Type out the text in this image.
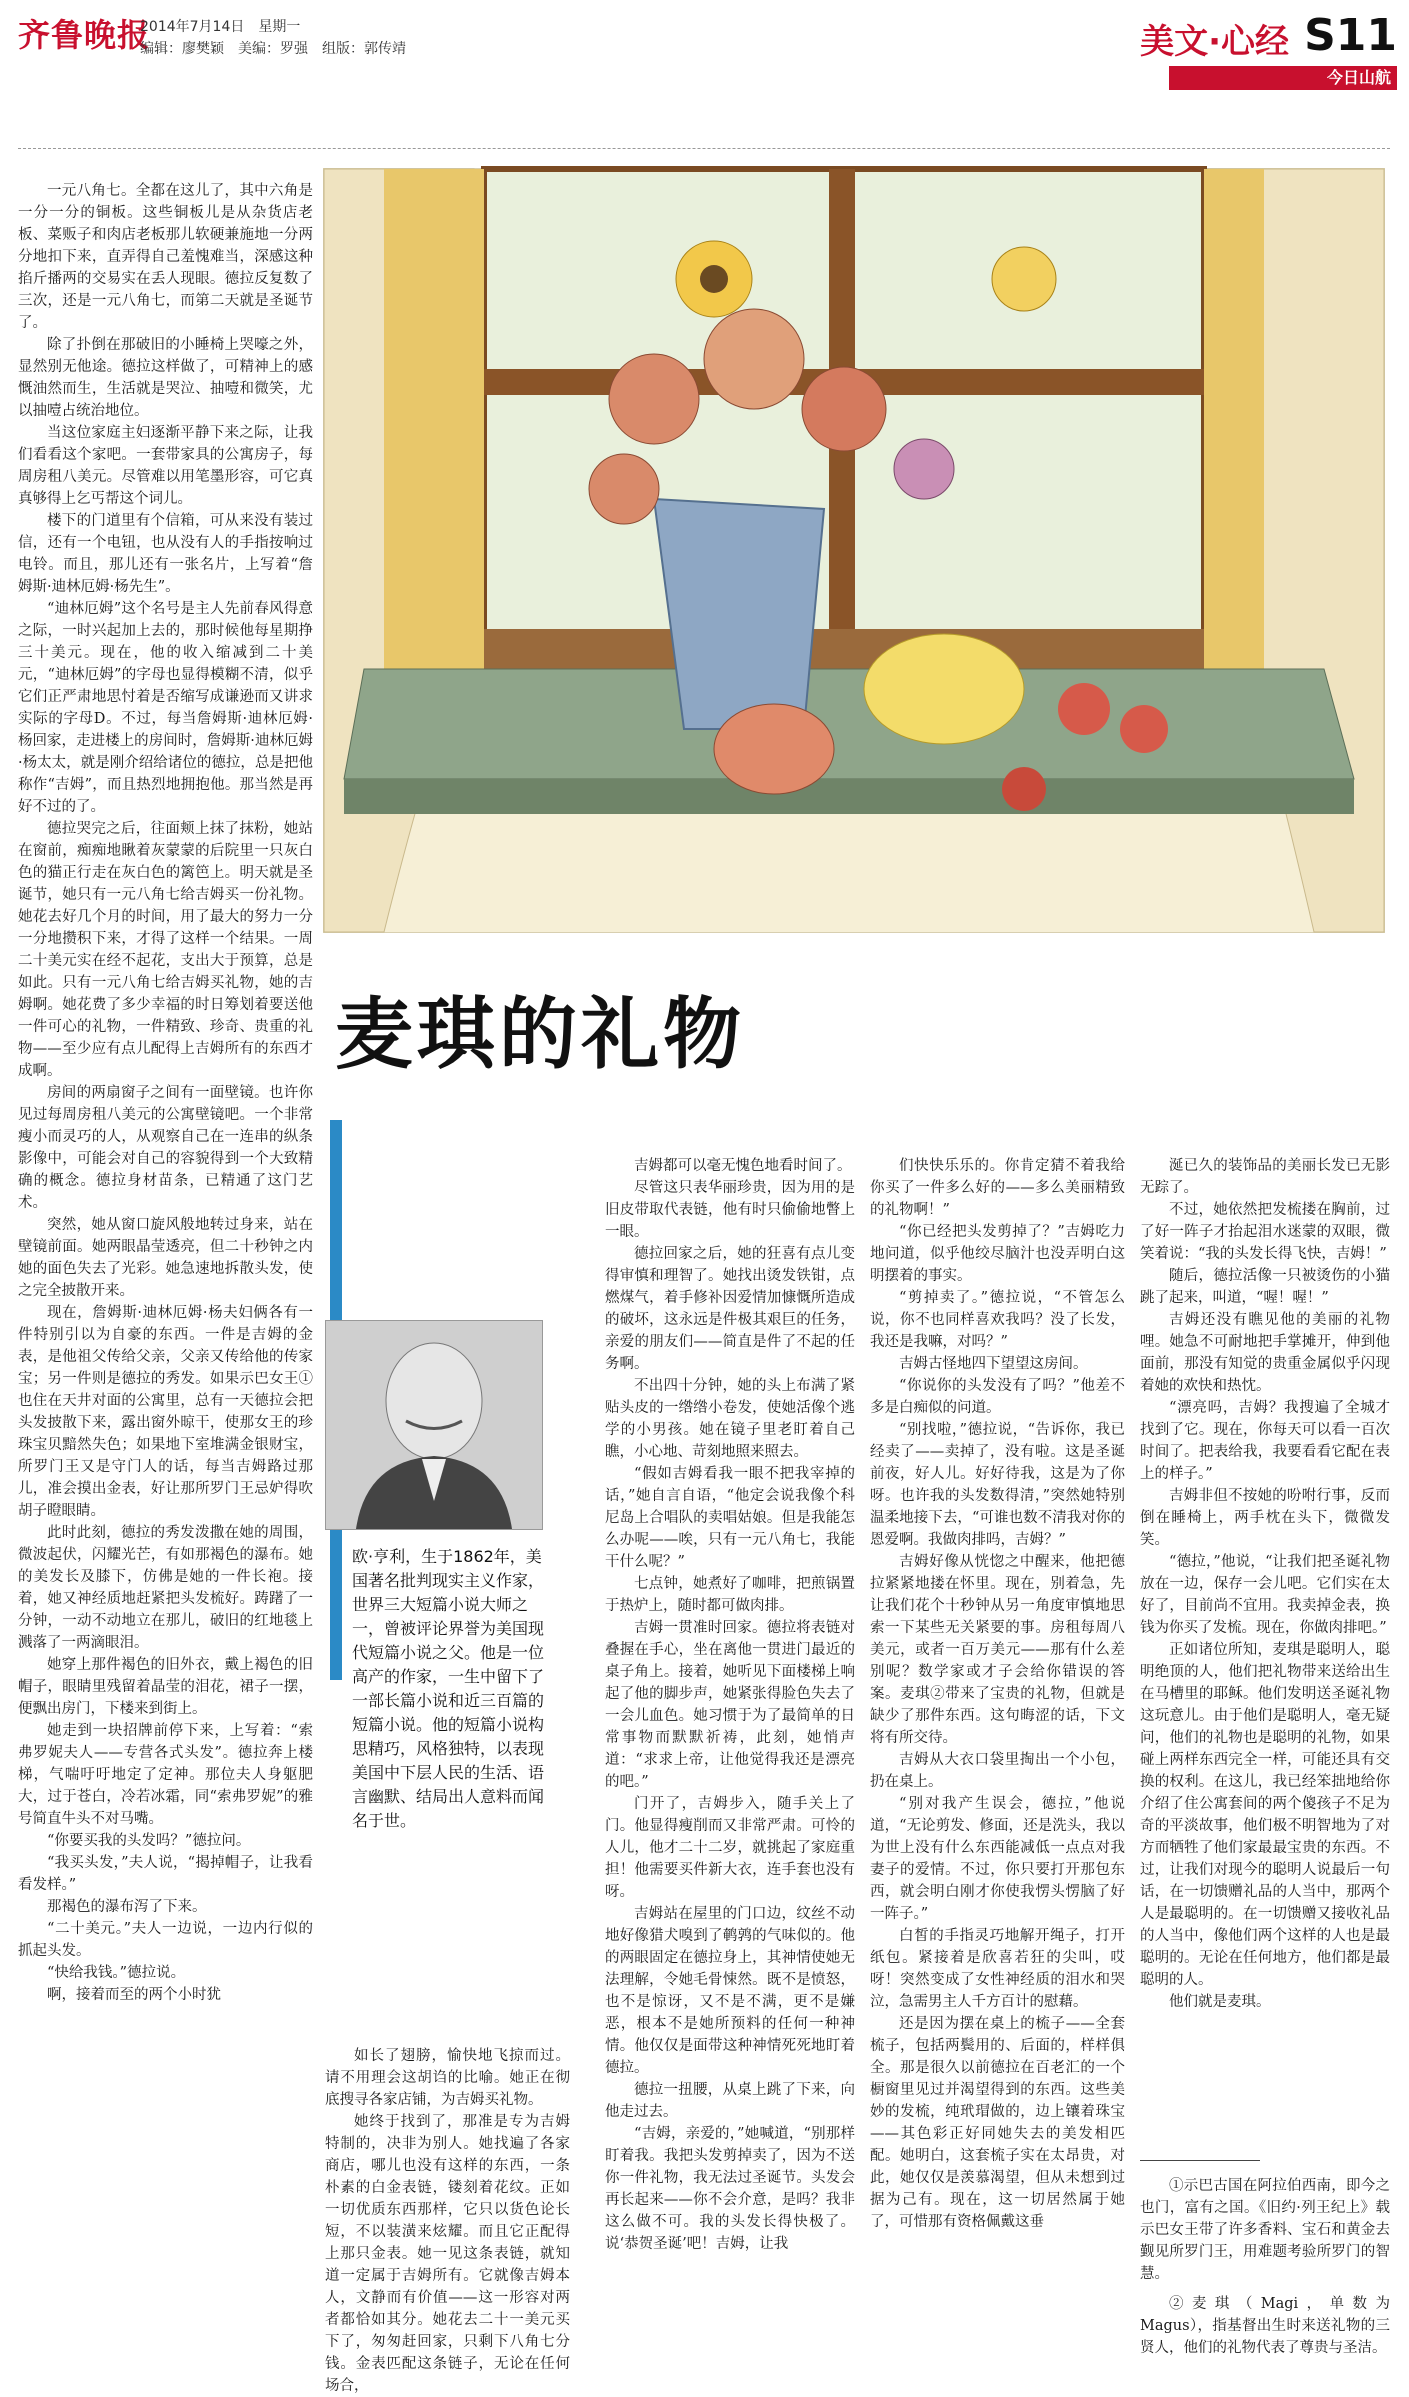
齐鲁晚报
2014年7月14日　星期一
编辑：廖樊颖　美编：罗强　组版：郭传靖	美文·心经 S11
今日山航

一元八角七。全都在这儿了，其中六角是一分一分的铜板。这些铜板儿是从杂货店老板、菜贩子和肉店老板那儿软硬兼施地一分两分地扣下来，直弄得自己羞愧难当，深感这种掐斤播两的交易实在丢人现眼。德拉反复数了三次，还是一元八角七，而第二天就是圣诞节了。

除了扑倒在那破旧的小睡椅上哭嚎之外，显然别无他途。德拉这样做了，可精神上的感慨油然而生，生活就是哭泣、抽噎和微笑，尤以抽噎占统治地位。

当这位家庭主妇逐渐平静下来之际，让我们看看这个家吧。一套带家具的公寓房子，每周房租八美元。尽管难以用笔墨形容，可它真真够得上乞丐帮这个词儿。

楼下的门道里有个信箱，可从来没有装过信，还有一个电钮，也从没有人的手指按响过电铃。而且，那儿还有一张名片，上写着“詹姆斯·迪林厄姆·杨先生”。

“迪林厄姆”这个名号是主人先前春风得意之际，一时兴起加上去的，那时候他每星期挣三十美元。现在，他的收入缩减到二十美元，“迪林厄姆”的字母也显得模糊不清，似乎它们正严肃地思忖着是否缩写成谦逊而又讲求实际的字母D。不过，每当詹姆斯·迪林厄姆·杨回家，走进楼上的房间时，詹姆斯·迪林厄姆·杨太太，就是刚介绍给诸位的德拉，总是把他称作“吉姆”，而且热烈地拥抱他。那当然是再好不过的了。

德拉哭完之后，往面颊上抹了抹粉，她站在窗前，痴痴地瞅着灰蒙蒙的后院里一只灰白色的猫正行走在灰白色的篱笆上。明天就是圣诞节，她只有一元八角七给吉姆买一份礼物。她花去好几个月的时间，用了最大的努力一分一分地攒积下来，才得了这样一个结果。一周二十美元实在经不起花，支出大于预算，总是如此。只有一元八角七给吉姆买礼物，她的吉姆啊。她花费了多少幸福的时日筹划着要送他一件可心的礼物，一件精致、珍奇、贵重的礼物——至少应有点儿配得上吉姆所有的东西才成啊。

房间的两扇窗子之间有一面壁镜。也许你见过每周房租八美元的公寓壁镜吧。一个非常瘦小而灵巧的人，从观察自己在一连串的纵条影像中，可能会对自己的容貌得到一个大致精确的概念。德拉身材苗条，已精通了这门艺术。

突然，她从窗口旋风般地转过身来，站在壁镜前面。她两眼晶莹透亮，但二十秒钟之内她的面色失去了光彩。她急速地拆散头发，使之完全披散开来。

现在，詹姆斯·迪林厄姆·杨夫妇俩各有一件特别引以为自豪的东西。一件是吉姆的金表，是他祖父传给父亲，父亲又传给他的传家宝；另一件则是德拉的秀发。如果示巴女王①也住在天井对面的公寓里，总有一天德拉会把头发披散下来，露出窗外晾干，使那女王的珍珠宝贝黯然失色；如果地下室堆满金银财宝，所罗门王又是守门人的话，每当吉姆路过那儿，准会摸出金表，好让那所罗门王忌妒得吹胡子瞪眼睛。

此时此刻，德拉的秀发泼撒在她的周围，微波起伏，闪耀光芒，有如那褐色的瀑布。她的美发长及膝下，仿佛是她的一件长袍。接着，她又神经质地赶紧把头发梳好。踌躇了一分钟，一动不动地立在那儿，破旧的红地毯上溅落了一两滴眼泪。

她穿上那件褐色的旧外衣，戴上褐色的旧帽子，眼睛里残留着晶莹的泪花，裙子一摆，便飘出房门，下楼来到街上。

她走到一块招牌前停下来，上写着：“索弗罗妮夫人——专营各式头发”。德拉奔上楼梯，气喘吁吁地定了定神。那位夫人身躯肥大，过于苍白，冷若冰霜，同“索弗罗妮”的雅号简直牛头不对马嘴。

“你要买我的头发吗？”德拉问。

“我买头发，”夫人说，“揭掉帽子，让我看看发样。”

那褐色的瀑布泻了下来。

“二十美元。”夫人一边说，一边内行似的抓起头发。

“快给我钱。”德拉说。

啊，接着而至的两个小时犹

麦琪的礼物
欧·亨利，生于1862年，美国著名批判现实主义作家，世界三大短篇小说大师之一，曾被评论界誉为美国现代短篇小说之父。他是一位高产的作家，一生中留下了一部长篇小说和近三百篇的短篇小说。他的短篇小说构思精巧，风格独特，以表现美国中下层人民的生活、语言幽默、结局出人意料而闻名于世。

如长了翅膀，愉快地飞掠而过。请不用理会这胡诌的比喻。她正在彻底搜寻各家店铺，为吉姆买礼物。

她终于找到了，那准是专为吉姆特制的，决非为别人。她找遍了各家商店，哪儿也没有这样的东西，一条朴素的白金表链，镂刻着花纹。正如一切优质东西那样，它只以货色论长短，不以装潢来炫耀。而且它正配得上那只金表。她一见这条表链，就知道一定属于吉姆所有。它就像吉姆本人，文静而有价值——这一形容对两者都恰如其分。她花去二十一美元买下了，匆匆赶回家，只剩下八角七分钱。金表匹配这条链子，无论在任何场合，

吉姆都可以毫无愧色地看时间了。

尽管这只表华丽珍贵，因为用的是旧皮带取代表链，他有时只偷偷地瞥上一眼。

德拉回家之后，她的狂喜有点儿变得审慎和理智了。她找出烫发铁钳，点燃煤气，着手修补因爱情加慷慨所造成的破坏，这永远是件极其艰巨的任务，亲爱的朋友们——简直是件了不起的任务啊。

不出四十分钟，她的头上布满了紧贴头皮的一绺绺小卷发，使她活像个逃学的小男孩。她在镜子里老盯着自己瞧，小心地、苛刻地照来照去。

“假如吉姆看我一眼不把我宰掉的话，”她自言自语，“他定会说我像个科尼岛上合唱队的卖唱姑娘。但是我能怎么办呢——唉，只有一元八角七，我能干什么呢？”

七点钟，她煮好了咖啡，把煎锅置于热炉上，随时都可做肉排。

吉姆一贯准时回家。德拉将表链对叠握在手心，坐在离他一贯进门最近的桌子角上。接着，她听见下面楼梯上响起了他的脚步声，她紧张得脸色失去了一会儿血色。她习惯于为了最简单的日常事物而默默祈祷，此刻，她悄声道：“求求上帝，让他觉得我还是漂亮的吧。”

门开了，吉姆步入，随手关上了门。他显得瘦削而又非常严肃。可怜的人儿，他才二十二岁，就挑起了家庭重担！他需要买件新大衣，连手套也没有呀。

吉姆站在屋里的门口边，纹丝不动地好像猎犬嗅到了鹌鹑的气味似的。他的两眼固定在德拉身上，其神情使她无法理解，令她毛骨悚然。既不是愤怒，也不是惊讶，又不是不满，更不是嫌恶，根本不是她所预料的任何一种神情。他仅仅是面带这种神情死死地盯着德拉。

德拉一扭腰，从桌上跳了下来，向他走过去。

“吉姆，亲爱的，”她喊道，“别那样盯着我。我把头发剪掉卖了，因为不送你一件礼物，我无法过圣诞节。头发会再长起来——你不会介意，是吗？我非这么做不可。我的头发长得快极了。说‘恭贺圣诞’吧！吉姆，让我

们快快乐乐的。你肯定猜不着我给你买了一件多么好的——多么美丽精致的礼物啊！”

“你已经把头发剪掉了？”吉姆吃力地问道，似乎他绞尽脑汁也没弄明白这明摆着的事实。

“剪掉卖了。”德拉说，“不管怎么说，你不也同样喜欢我吗？没了长发，我还是我嘛，对吗？”

吉姆古怪地四下望望这房间。

“你说你的头发没有了吗？”他差不多是白痴似的问道。

“别找啦，”德拉说，“告诉你，我已经卖了——卖掉了，没有啦。这是圣诞前夜，好人儿。好好待我，这是为了你呀。也许我的头发数得清，”突然她特别温柔地接下去，“可谁也数不清我对你的恩爱啊。我做肉排吗，吉姆？”

吉姆好像从恍惚之中醒来，他把德拉紧紧地搂在怀里。现在，别着急，先让我们花个十秒钟从另一角度审慎地思索一下某些无关紧要的事。房租每周八美元，或者一百万美元——那有什么差别呢？数学家或才子会给你错误的答案。麦琪②带来了宝贵的礼物，但就是缺少了那件东西。这句晦涩的话，下文将有所交待。

吉姆从大衣口袋里掏出一个小包，扔在桌上。

“别对我产生误会，德拉，”他说道，“无论剪发、修面，还是洗头，我以为世上没有什么东西能减低一点点对我妻子的爱情。不过，你只要打开那包东西，就会明白刚才你使我愣头愣脑了好一阵子。”

白皙的手指灵巧地解开绳子，打开纸包。紧接着是欣喜若狂的尖叫，哎呀！突然变成了女性神经质的泪水和哭泣，急需男主人千方百计的慰藉。

还是因为摆在桌上的梳子——全套梳子，包括两鬓用的、后面的，样样俱全。那是很久以前德拉在百老汇的一个橱窗里见过并渴望得到的东西。这些美妙的发梳，纯玳瑁做的，边上镶着珠宝——其色彩正好同她失去的美发相匹配。她明白，这套梳子实在太昂贵，对此，她仅仅是羡慕渴望，但从未想到过据为己有。现在，这一切居然属于她了，可惜那有资格佩戴这垂

涎已久的装饰品的美丽长发已无影无踪了。

不过，她依然把发梳搂在胸前，过了好一阵子才抬起泪水迷蒙的双眼，微笑着说：“我的头发长得飞快，吉姆！”

随后，德拉活像一只被烫伤的小猫跳了起来，叫道，“喔！喔！”

吉姆还没有瞧见他的美丽的礼物哩。她急不可耐地把手掌摊开，伸到他面前，那没有知觉的贵重金属似乎闪现着她的欢快和热忱。

“漂亮吗，吉姆？我搜遍了全城才找到了它。现在，你每天可以看一百次时间了。把表给我，我要看看它配在表上的样子。”

吉姆非但不按她的吩咐行事，反而倒在睡椅上，两手枕在头下，微微发笑。

“德拉，”他说，“让我们把圣诞礼物放在一边，保存一会儿吧。它们实在太好了，目前尚不宜用。我卖掉金表，换钱为你买了发梳。现在，你做肉排吧。”

正如诸位所知，麦琪是聪明人，聪明绝顶的人，他们把礼物带来送给出生在马槽里的耶稣。他们发明送圣诞礼物这玩意儿。由于他们是聪明人，毫无疑问，他们的礼物也是聪明的礼物，如果碰上两样东西完全一样，可能还具有交换的权利。在这儿，我已经笨拙地给你介绍了住公寓套间的两个傻孩子不足为奇的平淡故事，他们极不明智地为了对方而牺牲了他们家最最宝贵的东西。不过，让我们对现今的聪明人说最后一句话，在一切馈赠礼品的人当中，那两个人是最聪明的。在一切馈赠又接收礼品的人当中，像他们两个这样的人也是最聪明的。无论在任何地方，他们都是最聪明的人。

他们就是麦琪。

①示巴古国在阿拉伯西南，即今之也门，富有之国。《旧约·列王纪上》载示巴女王带了许多香料、宝石和黄金去觐见所罗门王，用难题考验所罗门的智慧。

②麦琪（Magi，单数为Magus），指基督出生时来送礼物的三贤人，他们的礼物代表了尊贵与圣洁。
